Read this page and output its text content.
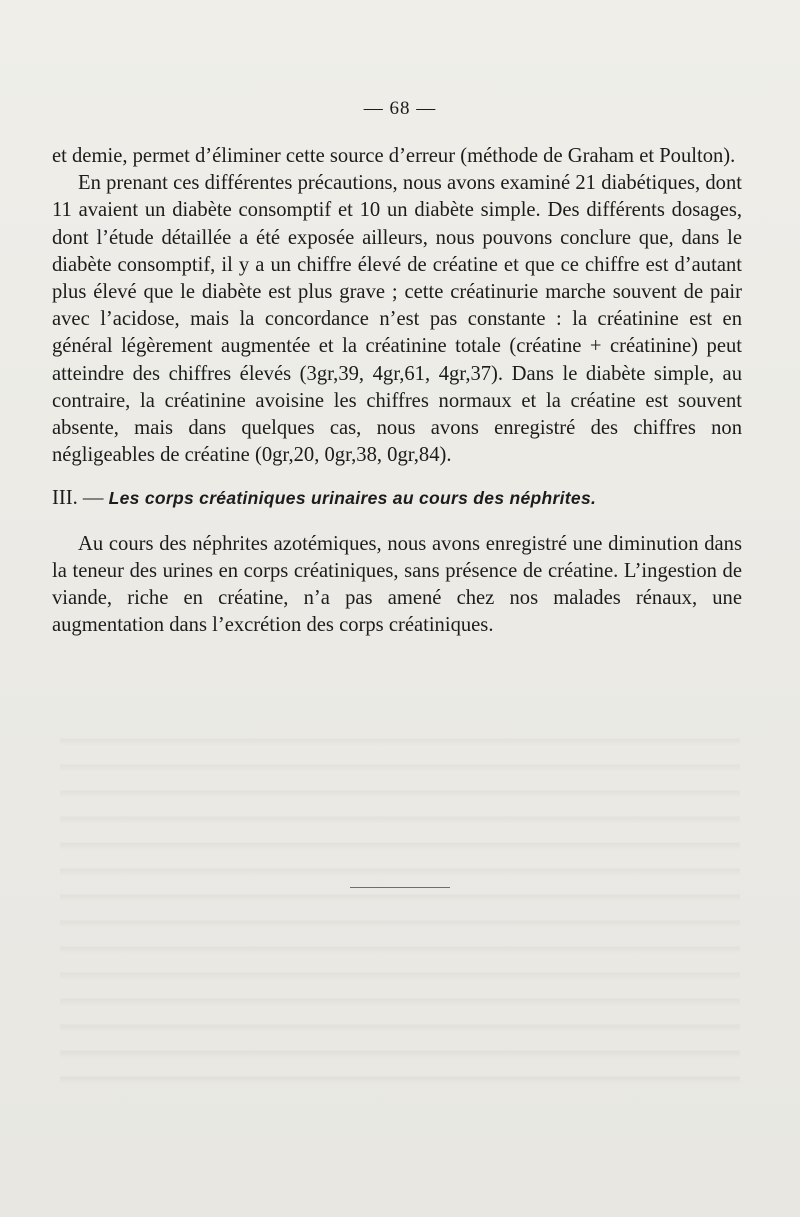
— 68 —

et demie, permet d’éliminer cette source d’erreur (méthode de Graham et Poulton).

En prenant ces différentes précautions, nous avons examiné 21 diabétiques, dont 11 avaient un diabète consomptif et 10 un diabète simple. Des différents dosages, dont l’étude détaillée a été exposée ailleurs, nous pouvons conclure que, dans le diabète consomptif, il y a un chiffre élevé de créatine et que ce chiffre est d’autant plus élevé que le diabète est plus grave ; cette créatinurie marche souvent de pair avec l’acidose, mais la concordance n’est pas constante : la créatinine est en général légèrement augmentée et la créatinine totale (créatine + créatinine) peut atteindre des chiffres élevés (3gr,39, 4gr,61, 4gr,37). Dans le diabète simple, au contraire, la créatinine avoisine les chiffres normaux et la créatine est souvent absente, mais dans quelques cas, nous avons enregistré des chiffres non négligeables de créatine (0gr,20, 0gr,38, 0gr,84).

III. — Les corps créatiniques urinaires au cours des néphrites.

Au cours des néphrites azotémiques, nous avons enregistré une diminution dans la teneur des urines en corps créatiniques, sans présence de créatine. L’ingestion de viande, riche en créatine, n’a pas amené chez nos malades rénaux, une augmentation dans l’excrétion des corps créatiniques.
